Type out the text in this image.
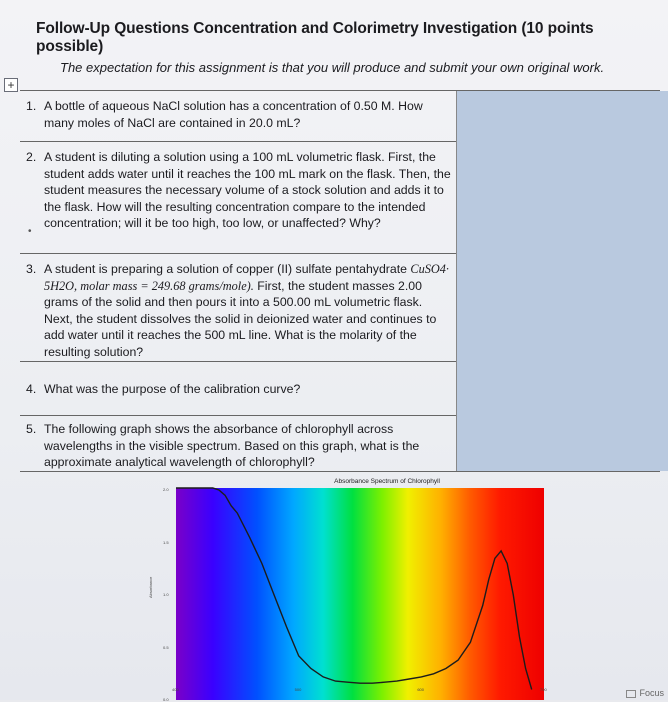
Follow-Up Questions Concentration and Colorimetry Investigation (10 points possible)
The expectation for this assignment is that you will produce and submit your own original work.
+
1. A bottle of aqueous NaCl solution has a concentration of 0.50 M. How many moles of NaCl are contained in 20.0 mL?
2. A student is diluting a solution using a 100 mL volumetric flask. First, the student adds water until it reaches the 100 mL mark on the flask. Then, the student measures the necessary volume of a stock solution and adds it to the flask. How will the resulting concentration compare to the intended concentration; will it be too high, too low, or unaffected? Why?
3. A student is preparing a solution of copper (II) sulfate pentahydrate CuSO4· 5H2O, molar mass = 249.68 grams/mole). First, the student masses 2.00 grams of the solid and then pours it into a 500.00 mL volumetric flask. Next, the student dissolves the solid in deionized water and continues to add water until it reaches the 500 mL line. What is the molarity of the resulting solution?
4. What was the purpose of the calibration curve?
5. The following graph shows the absorbance of chlorophyll across wavelengths in the visible spectrum. Based on this graph, what is the approximate analytical wavelength of chlorophyll?
•
Absorbance Spectrum of Chlorophyll
Absorbance
0.0
0.5
1.0
1.5
2.0
400	500	600	700	Focus
